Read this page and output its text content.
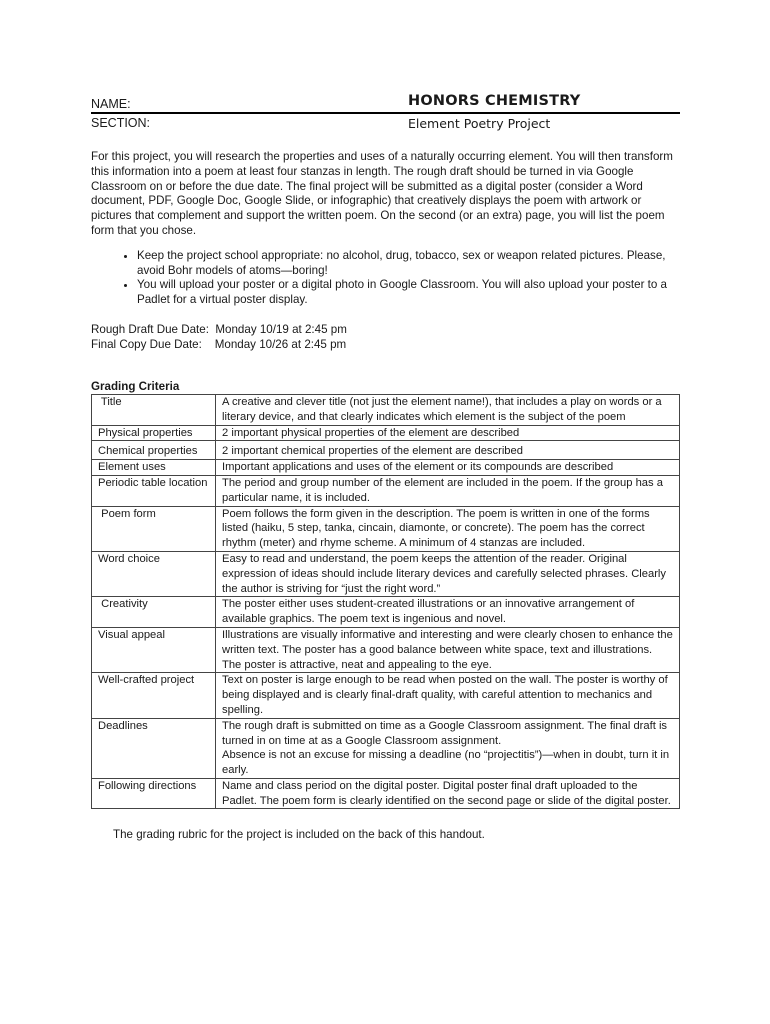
NAME:	HONORS CHEMISTRY
SECTION:	Element Poetry Project
For this project, you will research the properties and uses of a naturally occurring element. You will then transform this information into a poem at least four stanzas in length. The rough draft should be turned in via Google Classroom on or before the due date. The final project will be submitted as a digital poster (consider a Word document, PDF, Google Doc, Google Slide, or infographic) that creatively displays the poem with artwork or pictures that complement and support the written poem. On the second (or an extra) page, you will list the poem form that you chose.
• Keep the project school appropriate: no alcohol, drug, tobacco, sex or weapon related pictures. Please, avoid Bohr models of atoms—boring!
• You will upload your poster or a digital photo in Google Classroom. You will also upload your poster to a Padlet for a virtual poster display.
Rough Draft Due Date:  Monday 10/19 at 2:45 pm
Final Copy Due Date:    Monday 10/26 at 2:45 pm
Grading Criteria
Title	A creative and clever title (not just the element name!), that includes a play on words or a literary device, and that clearly indicates which element is the subject of the poem
Physical properties	2 important physical properties of the element are described
Chemical properties	2 important chemical properties of the element are described
Element uses	Important applications and uses of the element or its compounds are described
Periodic table location	The period and group number of the element are included in the poem. If the group has a particular name, it is included.
Poem form	Poem follows the form given in the description. The poem is written in one of the forms listed (haiku, 5 step, tanka, cincain, diamonte, or concrete). The poem has the correct rhythm (meter) and rhyme scheme. A minimum of 4 stanzas are included.
Word choice	Easy to read and understand, the poem keeps the attention of the reader. Original expression of ideas should include literary devices and carefully selected phrases. Clearly the author is striving for “just the right word.”
Creativity	The poster either uses student-created illustrations or an innovative arrangement of available graphics. The poem text is ingenious and novel.
Visual appeal	Illustrations are visually informative and interesting and were clearly chosen to enhance the written text. The poster has a good balance between white space, text and illustrations. The poster is attractive, neat and appealing to the eye.
Well-crafted project	Text on poster is large enough to be read when posted on the wall. The poster is worthy of being displayed and is clearly final-draft quality, with careful attention to mechanics and spelling.
Deadlines	The rough draft is submitted on time as a Google Classroom assignment. The final draft is turned in on time at as a Google Classroom assignment.
Absence is not an excuse for missing a deadline (no “projectitis”)—when in doubt, turn it in early.

Following directions	Name and class period on the digital poster. Digital poster final draft uploaded to the Padlet. The poem form is clearly identified on the second page or slide of the digital poster.
The grading rubric for the project is included on the back of this handout.
